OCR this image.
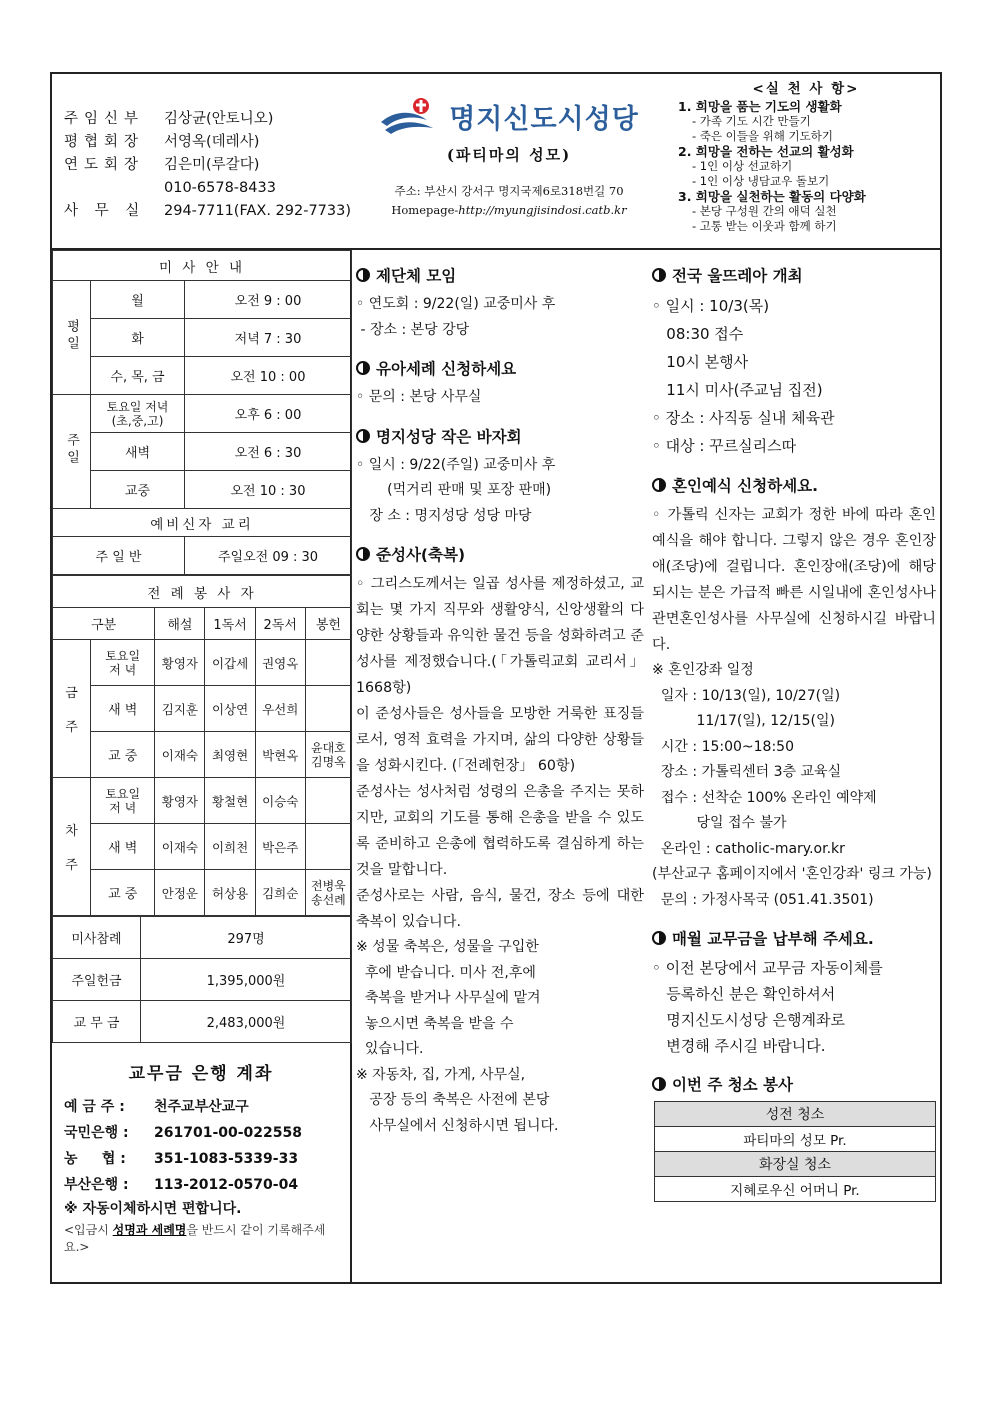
주임신부	김상균(안토니오)
평협회장	서영옥(데레사)
연도회장	김은미(루갈다)
010-6578-8433
사 무 실	294-7711(FAX. 292-7733)
명지신도시성당
(파티마의 성모)
주소: 부산시 강서구 명지국제6로318번길 70
Homepage-http://myungjisindosi.catb.kr
<실 천 사 항>
1. 희망을 품는 기도의 생활화
- 가족 기도 시간 만들기
- 죽은 이들을 위해 기도하기
2. 희망을 전하는 선교의 활성화
- 1인 이상 선교하기
- 1인 이상 냉담교우 돌보기
3. 희망을 실천하는 활동의 다양화
- 본당 구성원 간의 애덕 실천
- 고통 받는 이웃과 함께 하기
미 사 안 내		
평일	월	오전 9 : 00
	화	저녁 7 : 30
	수, 목, 금	오전 10 : 00
주일	토요일 저녁
(초,중,고)	오후 6 : 00
	새벽	오전 6 : 30
	교중	오전 10 : 30
예비신자 교리		
주 일 반		주일오전 09 : 30
전 례 봉 사 자					
구분		해설	1독서	2독서	봉헌
금

주	토요일
저 녁	황영자	이갑세	권영옥	
	새 벽	김지훈	이상연	우선희	
	교 중	이재숙	최영현	박현옥	윤대호
김명옥
차

주	토요일
저 녁	황영자	황철현	이승숙	
	새 벽	이재숙	이희천	박은주	
	교 중	안정운	허상용	김희순	전병욱
송선례
미사참례	297명
주일헌금	1,395,000원
교 무 금	2,483,000원
교무금 은행 계좌
예 금 주 :	천주교부산교구
국민은행 :	261701-00-022558
농     협 :	351-1083-5339-33
부산은행 :	113-2012-0570-04
※ 자동이체하시면 편합니다.
<입금시 성명과 세례명을 반드시 같이 기록해주세요.>
제단체 모임
◦ 연도회 : 9/22(일) 교중미사 후
- 장소 : 본당 강당
유아세례 신청하세요
◦ 문의 : 본당 사무실
명지성당 작은 바자회
◦ 일시 : 9/22(주일) 교중미사 후
(먹거리 판매 및 포장 판매)
장 소 : 명지성당 성당 마당
준성사(축복)
◦ 그리스도께서는 일곱 성사를 제정하셨고, 교회는 몇 가지 직무와 생활양식, 신앙생활의 다양한 상황들과 유익한 물건 등을 성화하려고 준성사를 제정했습니다.(「가톨릭교회 교리서」 1668항)
이 준성사들은 성사들을 모방한 거룩한 표징들로서, 영적 효력을 가지며, 삶의 다양한 상황들을 성화시킨다. (「전례헌장」 60항)
준성사는 성사처럼 성령의 은총을 주지는 못하지만, 교회의 기도를 통해 은총을 받을 수 있도록 준비하고 은총에 협력하도록 결심하게 하는 것을 말합니다.
준성사로는 사람, 음식, 물건, 장소 등에 대한 축복이 있습니다.
※ 성물 축복은, 성물을 구입한
후에 받습니다. 미사 전,후에
축복을 받거나 사무실에 맡겨
놓으시면 축복을 받을 수
있습니다.
※ 자동차, 집, 가게, 사무실,
공장 등의 축복은 사전에 본당
사무실에서 신청하시면 됩니다.
전국 울뜨레아 개최
◦ 일시 : 10/3(목)
08:30 접수
10시 본행사
11시 미사(주교님 집전)
◦ 장소 : 사직동 실내 체육관
◦ 대상 : 꾸르실리스따
혼인예식 신청하세요.
◦ 가톨릭 신자는 교회가 정한 바에 따라 혼인예식을 해야 합니다. 그렇지 않은 경우 혼인장애(조당)에 걸립니다. 혼인장애(조당)에 해당되시는 분은 가급적 빠른 시일내에 혼인성사나 관면혼인성사를 사무실에 신청하시길 바랍니다.
※ 혼인강좌 일정
일자 : 10/13(일), 10/27(일)
11/17(일), 12/15(일)
시간 : 15:00~18:50
장소 : 가톨릭센터 3층 교육실
접수 : 선착순 100% 온라인 예약제
당일 접수 불가
온라인 : catholic-mary.or.kr
(부산교구 홈페이지에서 '혼인강좌' 링크 가능)
문의 : 가정사목국 (051.41.3501)
매월 교무금을 납부해 주세요.
◦ 이전 본당에서 교무금 자동이체를
등록하신 분은 확인하셔서
명지신도시성당 은행계좌로
변경해 주시길 바랍니다.
이번 주 청소 봉사
성전 청소
파티마의 성모 Pr.
화장실 청소
지혜로우신 어머니 Pr.
